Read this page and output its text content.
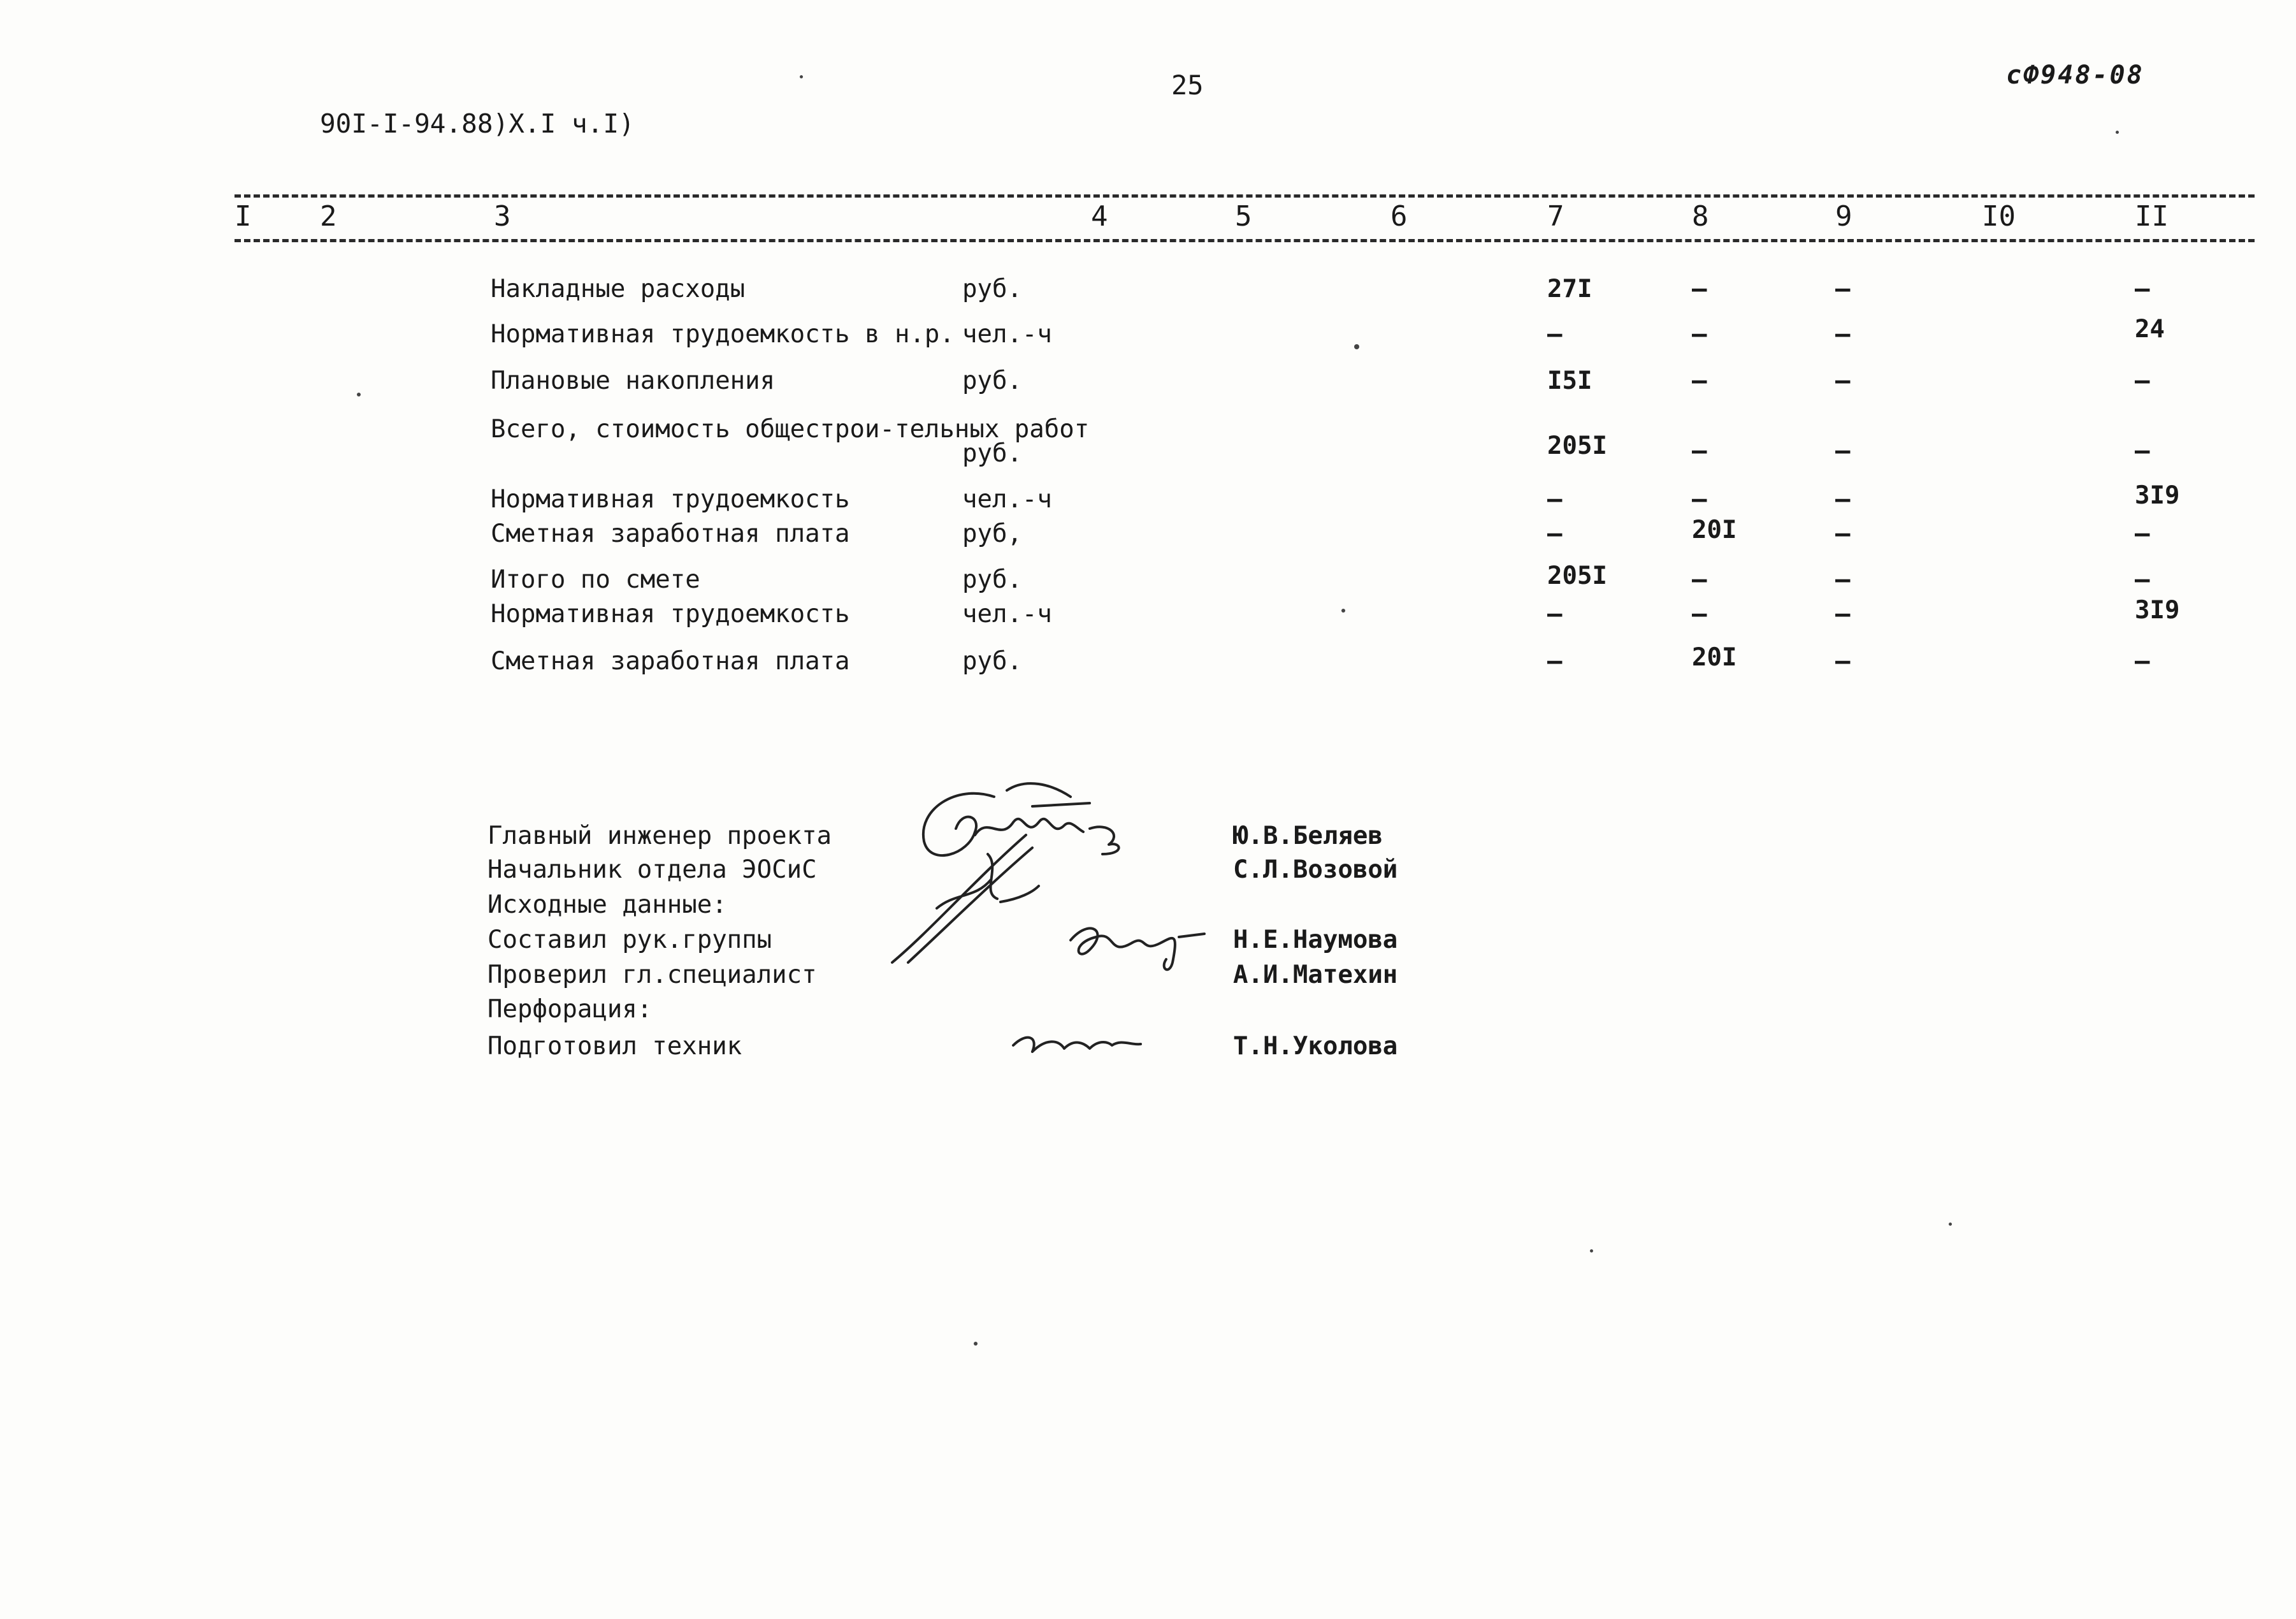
25
90I-I-94.88)X.I ч.I)
сФ948-08
I 2	3	4	5	6	7	8	9	I0	II
Накладные расходы	руб.	27I	–	–	–
Нормативная трудоемкость в н.р. чел.-ч	–	–	–	24
Плановые накопления	руб.	I5I	–	–	–
Всего, стоимость общестрои-тельных работ
руб.	205I	–	–	–
Нормативная трудоемкость	чел.-ч	–	–	–	3I9
Сметная заработная плата	руб,	–	20I	–	–
Итого по смете	руб.	205I	–	–	–
Нормативная трудоемкость	чел.-ч	–	–	–	3I9
Сметная заработная плата	руб.	–	20I	–	–
Главный инженер проекта	Ю.В.Беляев
Начальник отдела ЭОСиС	С.Л.Возовой
Исходные данные:
Составил рук.группы	Н.Е.Наумова
Проверил гл.специалист	А.И.Матехин
Перфорация:
Подготовил техник	Т.Н.Уколова
